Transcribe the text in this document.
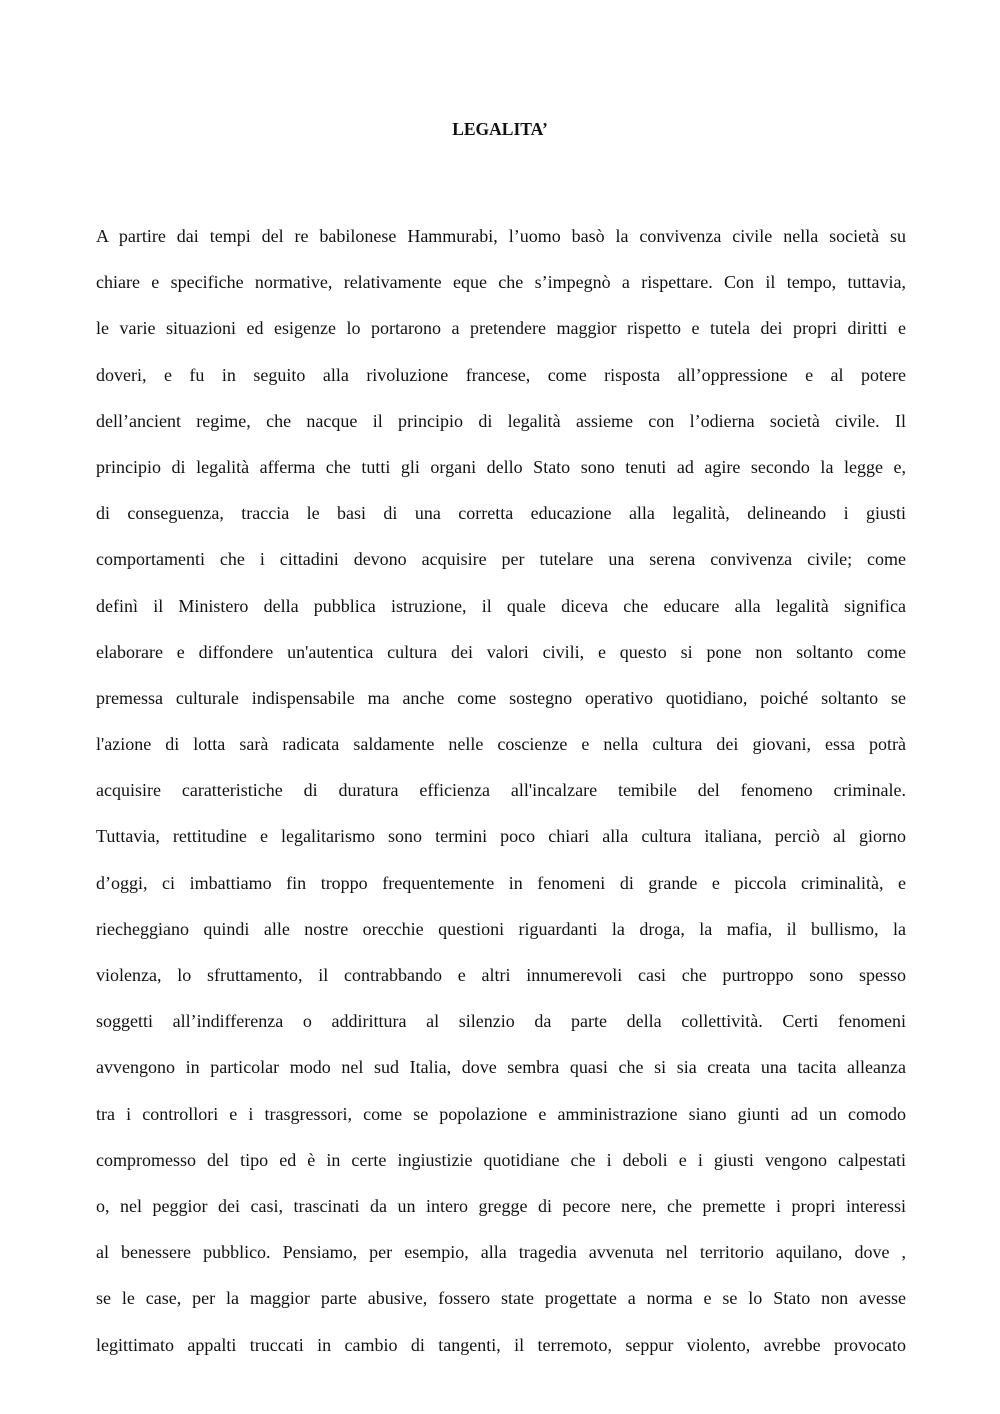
LEGALITA’
A partire dai tempi del re babilonese Hammurabi, l’uomo basò la convivenza civile nella società su
chiare e specifiche normative, relativamente eque che s’impegnò a rispettare. Con il tempo, tuttavia,
le varie situazioni ed esigenze lo portarono a pretendere maggior rispetto e tutela dei propri diritti e
doveri, e fu in seguito alla rivoluzione francese, come risposta all’oppressione e al potere
dell’ancient regime, che nacque il principio di legalità assieme con l’odierna società civile. Il
principio di legalità afferma che tutti gli organi dello Stato sono tenuti ad agire secondo la legge e,
di conseguenza, traccia le basi di una corretta educazione alla legalità, delineando i giusti
comportamenti che i cittadini devono acquisire per tutelare una serena convivenza civile; come
definì il Ministero della pubblica istruzione, il quale diceva che educare alla legalità significa
elaborare e diffondere un'autentica cultura dei valori civili, e questo si pone non soltanto come
premessa culturale indispensabile ma anche come sostegno operativo quotidiano, poiché soltanto se
l'azione di lotta sarà radicata saldamente nelle coscienze e nella cultura dei giovani, essa potrà
acquisire caratteristiche di duratura efficienza all'incalzare temibile del fenomeno criminale.
Tuttavia, rettitudine e legalitarismo sono termini poco chiari alla cultura italiana, perciò al giorno
d’oggi, ci imbattiamo fin troppo frequentemente in fenomeni di grande e piccola criminalità, e
riecheggiano quindi alle nostre orecchie questioni riguardanti la droga, la mafia, il bullismo, la
violenza, lo sfruttamento, il contrabbando e altri innumerevoli casi che purtroppo sono spesso
soggetti all’indifferenza o addirittura al silenzio da parte della collettività. Certi fenomeni
avvengono in particolar modo nel sud Italia, dove sembra quasi che si sia creata una tacita alleanza
tra i controllori e i trasgressori, come se popolazione e amministrazione siano giunti ad un comodo
compromesso del tipo ed è in certe ingiustizie quotidiane che i deboli e i giusti vengono calpestati
o, nel peggior dei casi, trascinati da un intero gregge di pecore nere, che premette i propri interessi
al benessere pubblico. Pensiamo, per esempio, alla tragedia avvenuta nel territorio aquilano, dove ,
se le case, per la maggior parte abusive, fossero state progettate a norma e se lo Stato non avesse
legittimato appalti truccati in cambio di tangenti, il terremoto, seppur violento, avrebbe provocato
